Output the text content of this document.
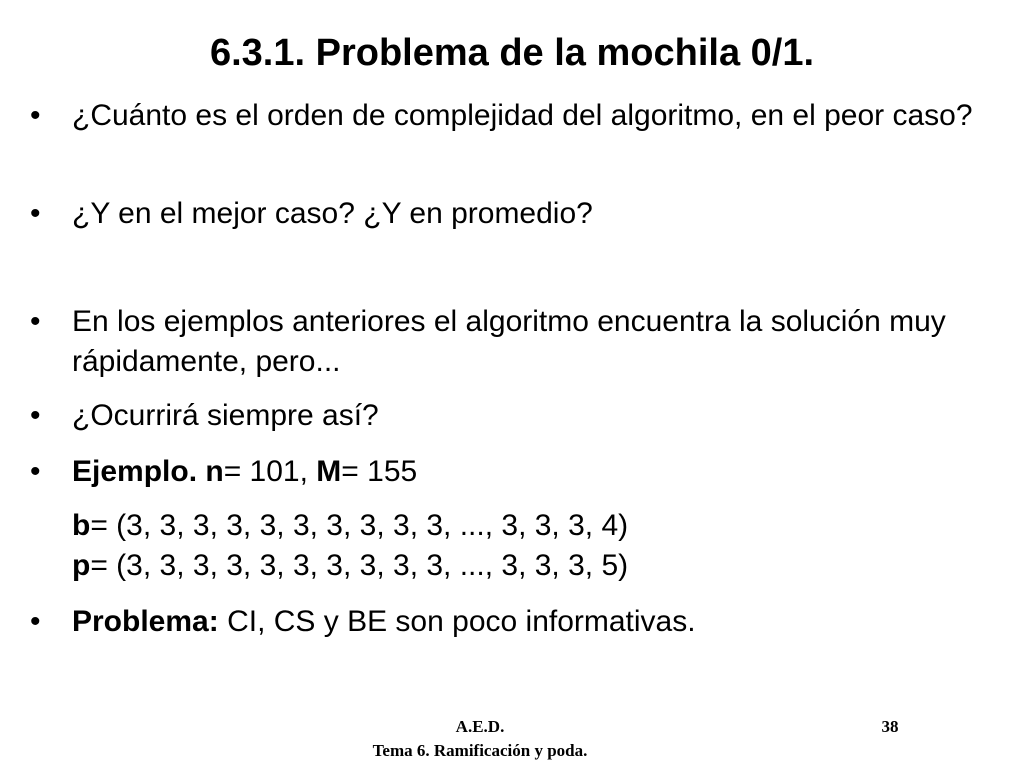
6.3.1. Problema de la mochila 0/1.
•	¿Cuánto es el orden de complejidad del algoritmo, en el peor caso?
•	¿Y en el mejor caso? ¿Y en promedio?
•	En los ejemplos anteriores el algoritmo encuentra la solución muy rápidamente, pero...
•	¿Ocurrirá siempre así?
•	Ejemplo. n= 101, M= 155
b= (3, 3, 3, 3, 3, 3, 3, 3, 3, 3, ..., 3, 3, 3, 4)
p= (3, 3, 3, 3, 3, 3, 3, 3, 3, 3, ..., 3, 3, 3, 5)
•	Problema: CI, CS y BE son poco informativas.
A.E.D.	38
Tema 6. Ramificación y poda.
